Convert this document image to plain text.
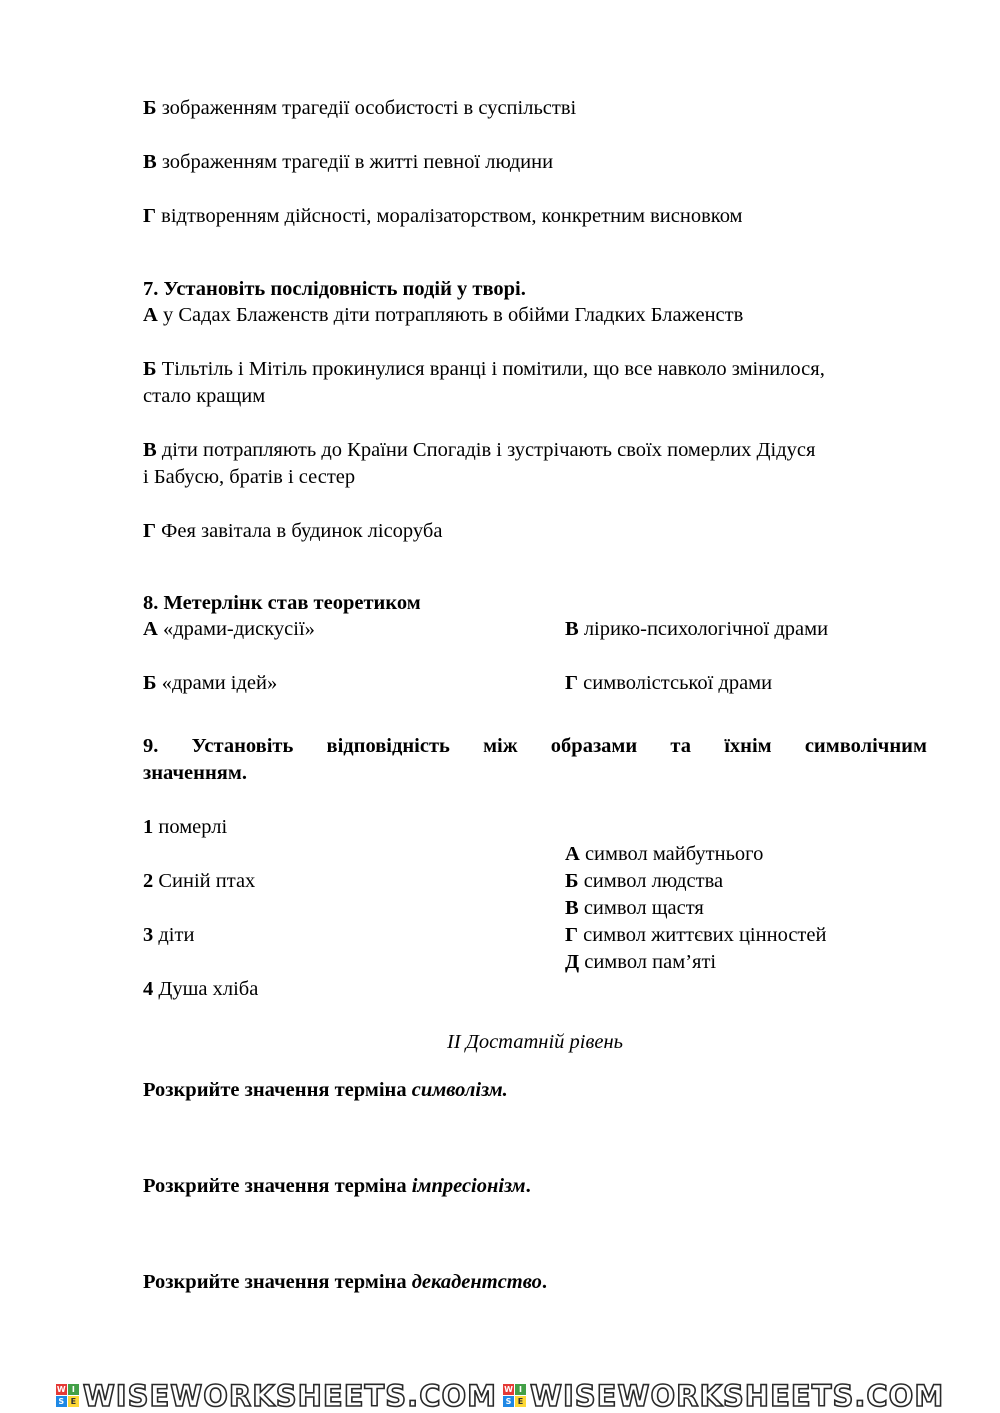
Б зображенням трагедії особистості в суспільстві
В зображенням трагедії в житті певної людини
Г відтворенням дійсності, моралізаторством, конкретним висновком
7. Установіть послідовність подій у творі.
А у Садах Блаженств діти потрапляють в обійми Гладких Блаженств
Б Тільтіль і Мітіль прокинулися вранці і помітили, що все навколо змінилося,
стало кращим
В діти потрапляють до Країни Спогадів і зустрічають своїх померлих Дідуся
і Бабусю, братів і сестер
Г Фея завітала в будинок лісоруба
8. Метерлінк став теоретиком
А «драми-дискусії»	В лірико-психологічної драми
Б «драми ідей»	Г символістської драми
9. Установіть відповідність між образами та їхнім символічним
значенням.
1 померлі
2 Синій птах
3 діти
4 Душа хліба
А символ майбутнього
Б символ людства
В символ щастя
Г символ життєвих цінностей
Д символ пам’яті
ІІ Достатній рівень
Розкрийте значення терміна символізм.
Розкрийте значення терміна імпресіонізм.
Розкрийте значення терміна декадентство.
W I
S E WISEWORKSHEETS.COM W I
S E WISEWORKSHEETS.COM
